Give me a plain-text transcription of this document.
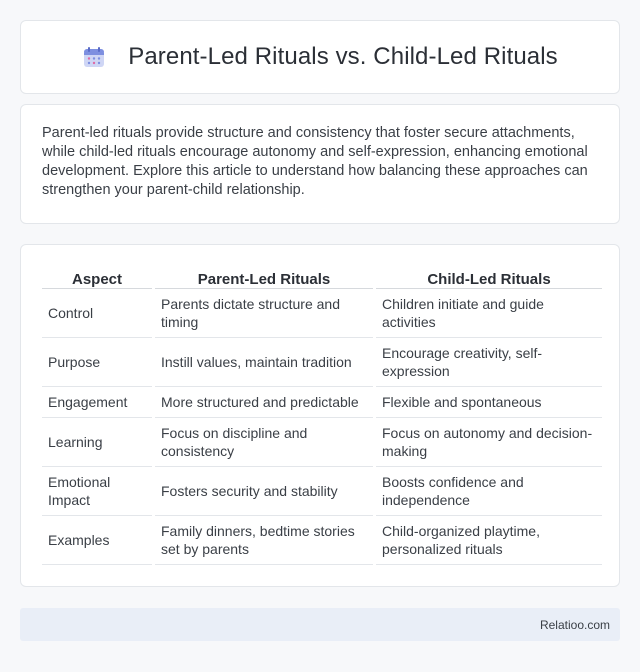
Parent-Led Rituals vs. Child-Led Rituals

Parent-led rituals provide structure and consistency that foster secure attachments, while child-led rituals encourage autonomy and self-expression, enhancing emotional development. Explore this article to understand how balancing these approaches can strengthen your parent-child relationship.

Aspect	Parent-Led Rituals	Child-Led Rituals
Control	Parents dictate structure and timing	Children initiate and guide activities
Purpose	Instill values, maintain tradition	Encourage creativity, self-expression
Engagement	More structured and predictable	Flexible and spontaneous
Learning	Focus on discipline and consistency	Focus on autonomy and decision-making
Emotional Impact	Fosters security and stability	Boosts confidence and independence
Examples	Family dinners, bedtime stories set by parents	Child-organized playtime, personalized rituals
Relatioo.com
